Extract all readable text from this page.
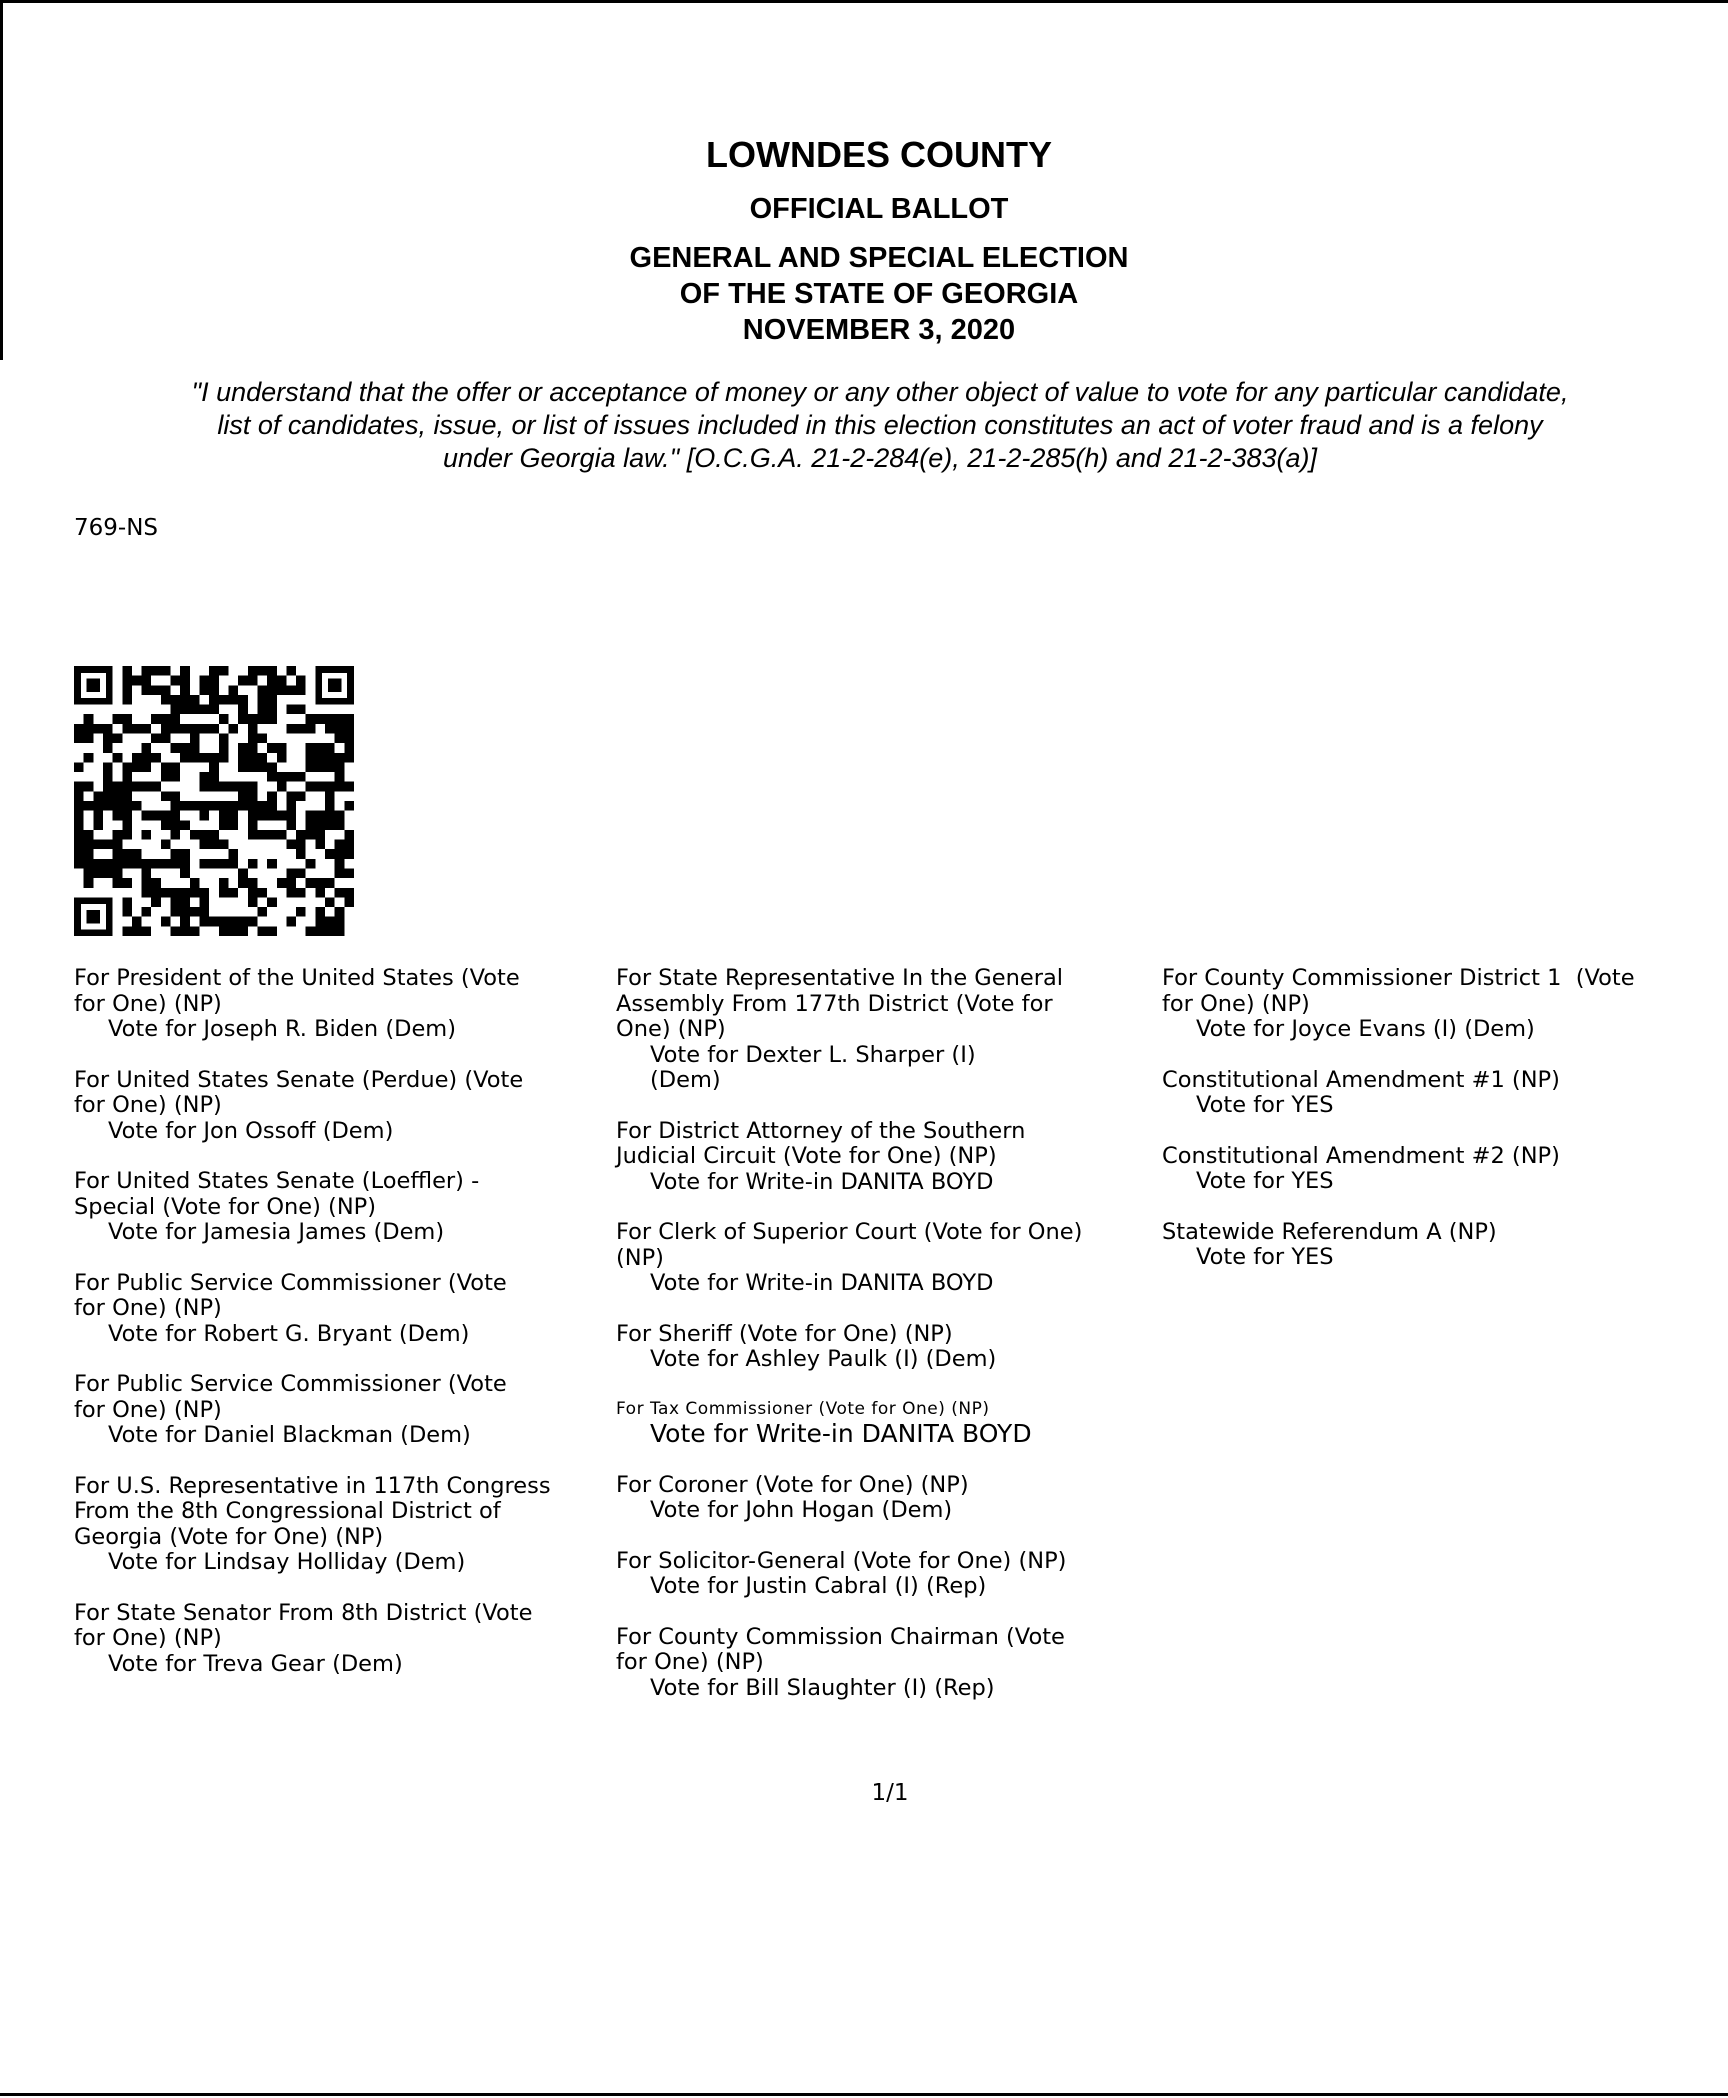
LOWNDES COUNTY
OFFICIAL BALLOT
GENERAL AND SPECIAL ELECTION
OF THE STATE OF GEORGIA
NOVEMBER 3, 2020
"I understand that the offer or acceptance of money or any other object of value to vote for any particular candidate,
list of candidates, issue, or list of issues included in this election constitutes an act of voter fraud and is a felony
under Georgia law." [O.C.G.A. 21-2-284(e), 21-2-285(h) and 21-2-383(a)]
769-NS
For President of the United States (Vote
for One) (NP)
Vote for Joseph R. Biden (Dem)
For United States Senate (Perdue) (Vote
for One) (NP)
Vote for Jon Ossoff (Dem)
For United States Senate (Loeffler) -
Special (Vote for One) (NP)
Vote for Jamesia James (Dem)
For Public Service Commissioner (Vote
for One) (NP)
Vote for Robert G. Bryant (Dem)
For Public Service Commissioner (Vote
for One) (NP)
Vote for Daniel Blackman (Dem)
For U.S. Representative in 117th Congress
From the 8th Congressional District of
Georgia (Vote for One) (NP)
Vote for Lindsay Holliday (Dem)
For State Senator From 8th District (Vote
for One) (NP)
Vote for Treva Gear (Dem)
For State Representative In the General
Assembly From 177th District (Vote for
One) (NP)
Vote for Dexter L. Sharper (I)
(Dem)
For District Attorney of the Southern
Judicial Circuit (Vote for One) (NP)
Vote for Write-in DANITA BOYD
For Clerk of Superior Court (Vote for One)
(NP)
Vote for Write-in DANITA BOYD
For Sheriff (Vote for One) (NP)
Vote for Ashley Paulk (I) (Dem)
For Tax Commissioner (Vote for One) (NP)
Vote for Write-in DANITA BOYD
For Coroner (Vote for One) (NP)
Vote for John Hogan (Dem)
For Solicitor-General (Vote for One) (NP)
Vote for Justin Cabral (I) (Rep)
For County Commission Chairman (Vote
for One) (NP)
Vote for Bill Slaughter (I) (Rep)
For County Commissioner District 1  (Vote
for One) (NP)
Vote for Joyce Evans (I) (Dem)
Constitutional Amendment #1 (NP)
Vote for YES
Constitutional Amendment #2 (NP)
Vote for YES
Statewide Referendum A (NP)
Vote for YES
1/1
